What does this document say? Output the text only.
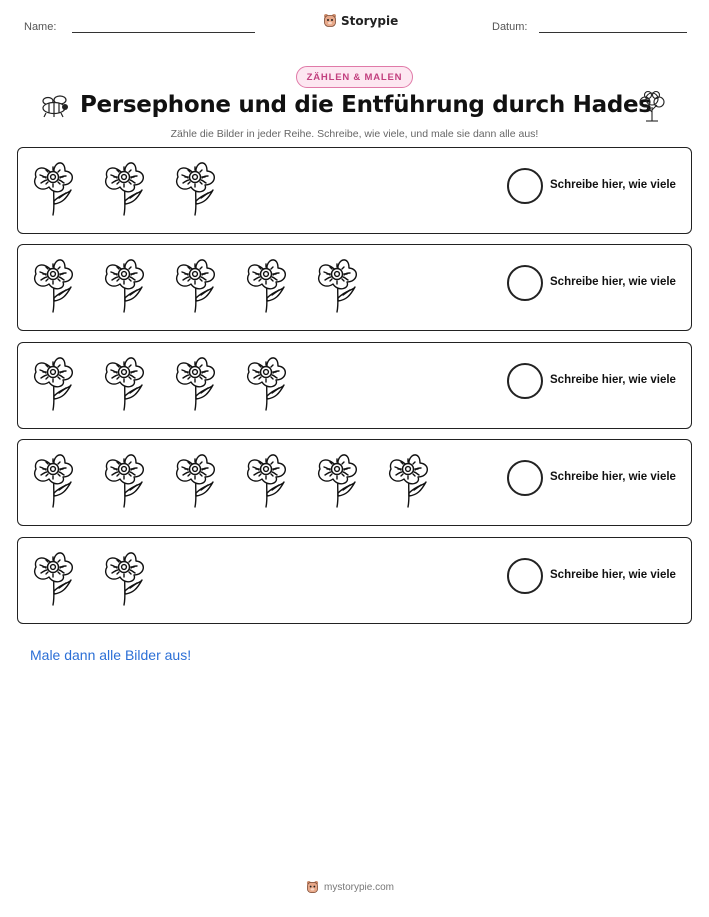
Name:	Storypie	Datum:
ZÄHLEN & MALEN
Persephone und die Entführung durch Hades
Zähle die Bilder in jeder Reihe. Schreibe, wie viele, und male sie dann alle aus!
Schreibe hier, wie viele
Schreibe hier, wie viele
Schreibe hier, wie viele
Schreibe hier, wie viele
Schreibe hier, wie viele
Male dann alle Bilder aus!
mystorypie.com
